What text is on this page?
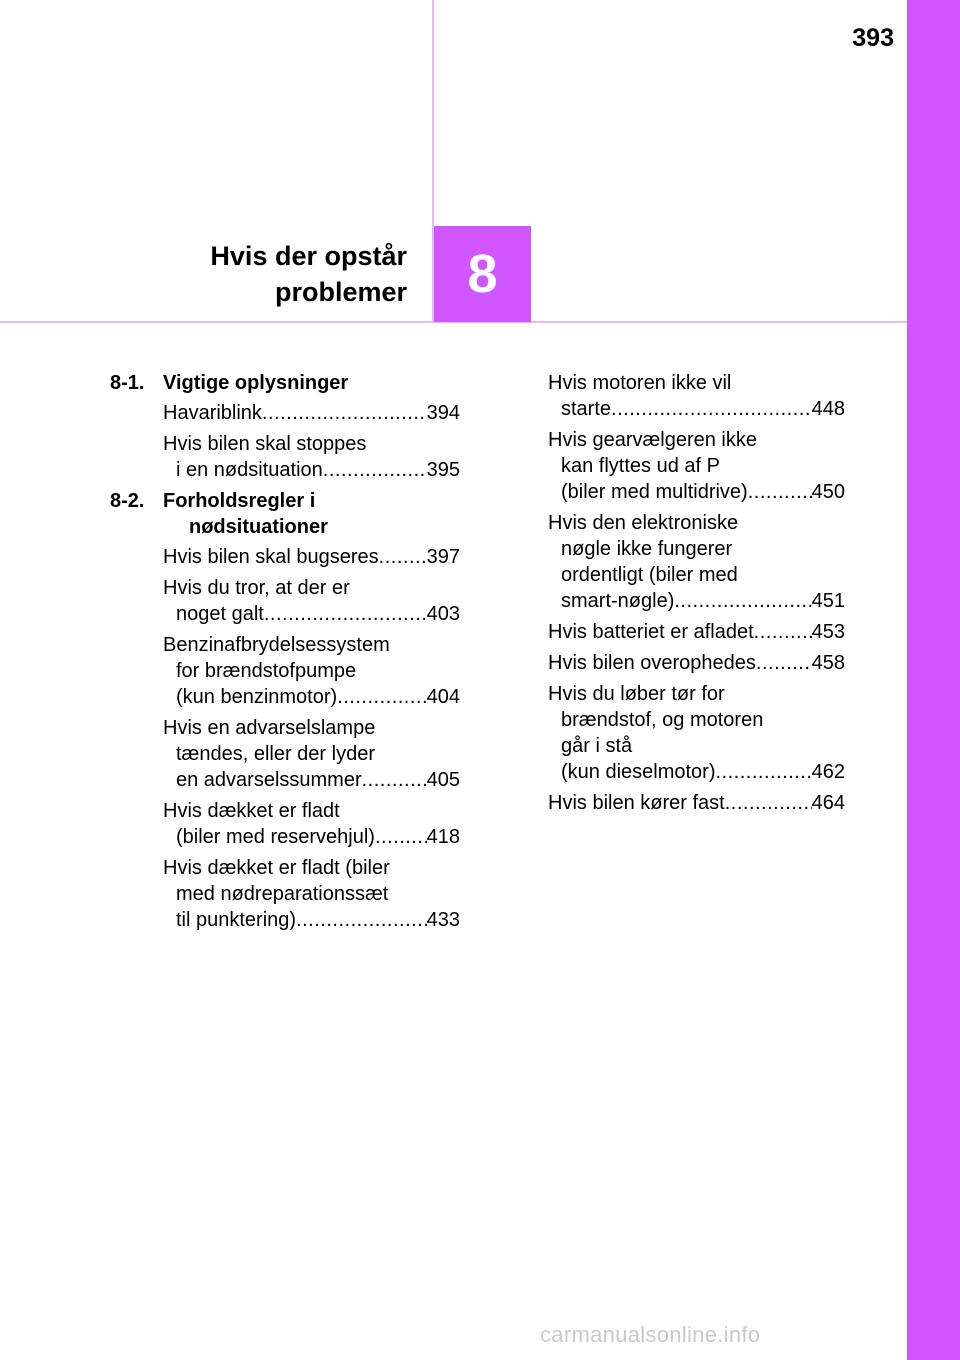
393
Hvis der opstår
problemer 8
8-1. Vigtige oplysninger
Havariblink .....	394
Hvis bilen skal stoppes
i en nødsituation .....	395
8-2. Forholdsregler i
nødsituationer
Hvis bilen skal bugseres ..... 397
Hvis du tror, at der er
noget galt .....	403
Benzinafbrydelsessystem
for brændstofpumpe
(kun benzinmotor) .....	404
Hvis en advarselslampe
tændes, eller der lyder
en advarselssummer .....	405
Hvis dækket er fladt
(biler med reservehjul) .....	418
Hvis dækket er fladt (biler
med nødreparationssæt
til punktering) .....	433
Hvis motoren ikke vil
starte .....	448
Hvis gearvælgeren ikke
kan flyttes ud af P
(biler med multidrive) .....	450
Hvis den elektroniske
nøgle ikke fungerer
ordentligt (biler med
smart-nøgle) .....	451
Hvis batteriet er afladet .....	453
Hvis bilen overophedes .....	458
Hvis du løber tør for
brændstof, og motoren
går i stå
(kun dieselmotor) .....	462
Hvis bilen kører fast .....	464
carmanualsonline.info
